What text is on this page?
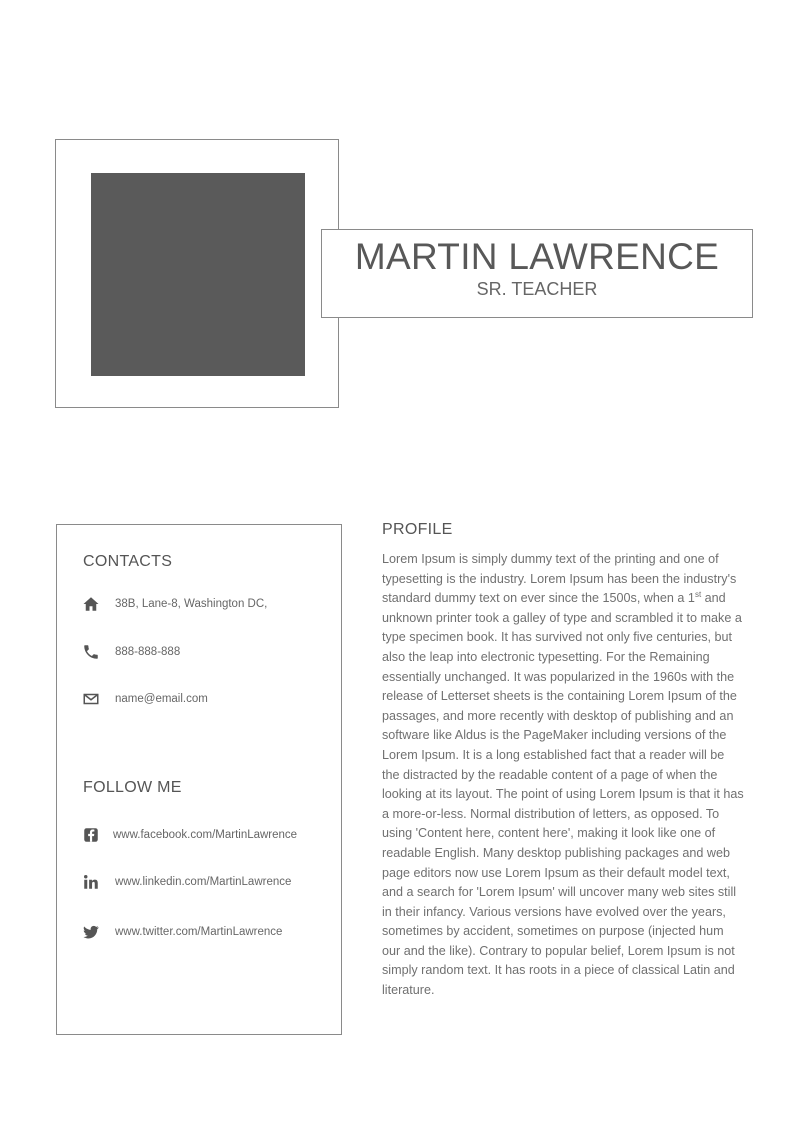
MARTIN LAWRENCE
SR. TEACHER
CONTACTS
38B, Lane-8, Washington DC,
888-888-888
name@email.com
FOLLOW ME
www.facebook.com/MartinLawrence
www.linkedin.com/MartinLawrence
www.twitter.com/MartinLawrence
PROFILE
Lorem Ipsum is simply dummy text of the printing and one of typesetting is the industry. Lorem Ipsum has been the industry's standard dummy text on ever since the 1500s, when a 1st and unknown printer took a galley of type and scrambled it to make a type specimen book. It has survived not only five centuries, but also the leap into electronic typesetting. For the Remaining essentially unchanged. It was popularized in the 1960s with the release of Letterset sheets is the containing Lorem Ipsum of the passages, and more recently with desktop of publishing and an software like Aldus is the PageMaker including versions of the Lorem Ipsum. It is a long established fact that a reader will be the distracted by the readable content of a page of when the looking at its layout. The point of using Lorem Ipsum is that it has a more-or-less. Normal distribution of letters, as opposed. To using 'Content here, content here', making it look like one of readable English. Many desktop publishing packages and web page editors now use Lorem Ipsum as their default model text, and a search for 'Lorem Ipsum' will uncover many web sites still in their infancy. Various versions have evolved over the years, sometimes by accident, sometimes on purpose (injected hum our and the like). Contrary to popular belief, Lorem Ipsum is not simply random text. It has roots in a piece of classical Latin and literature.
